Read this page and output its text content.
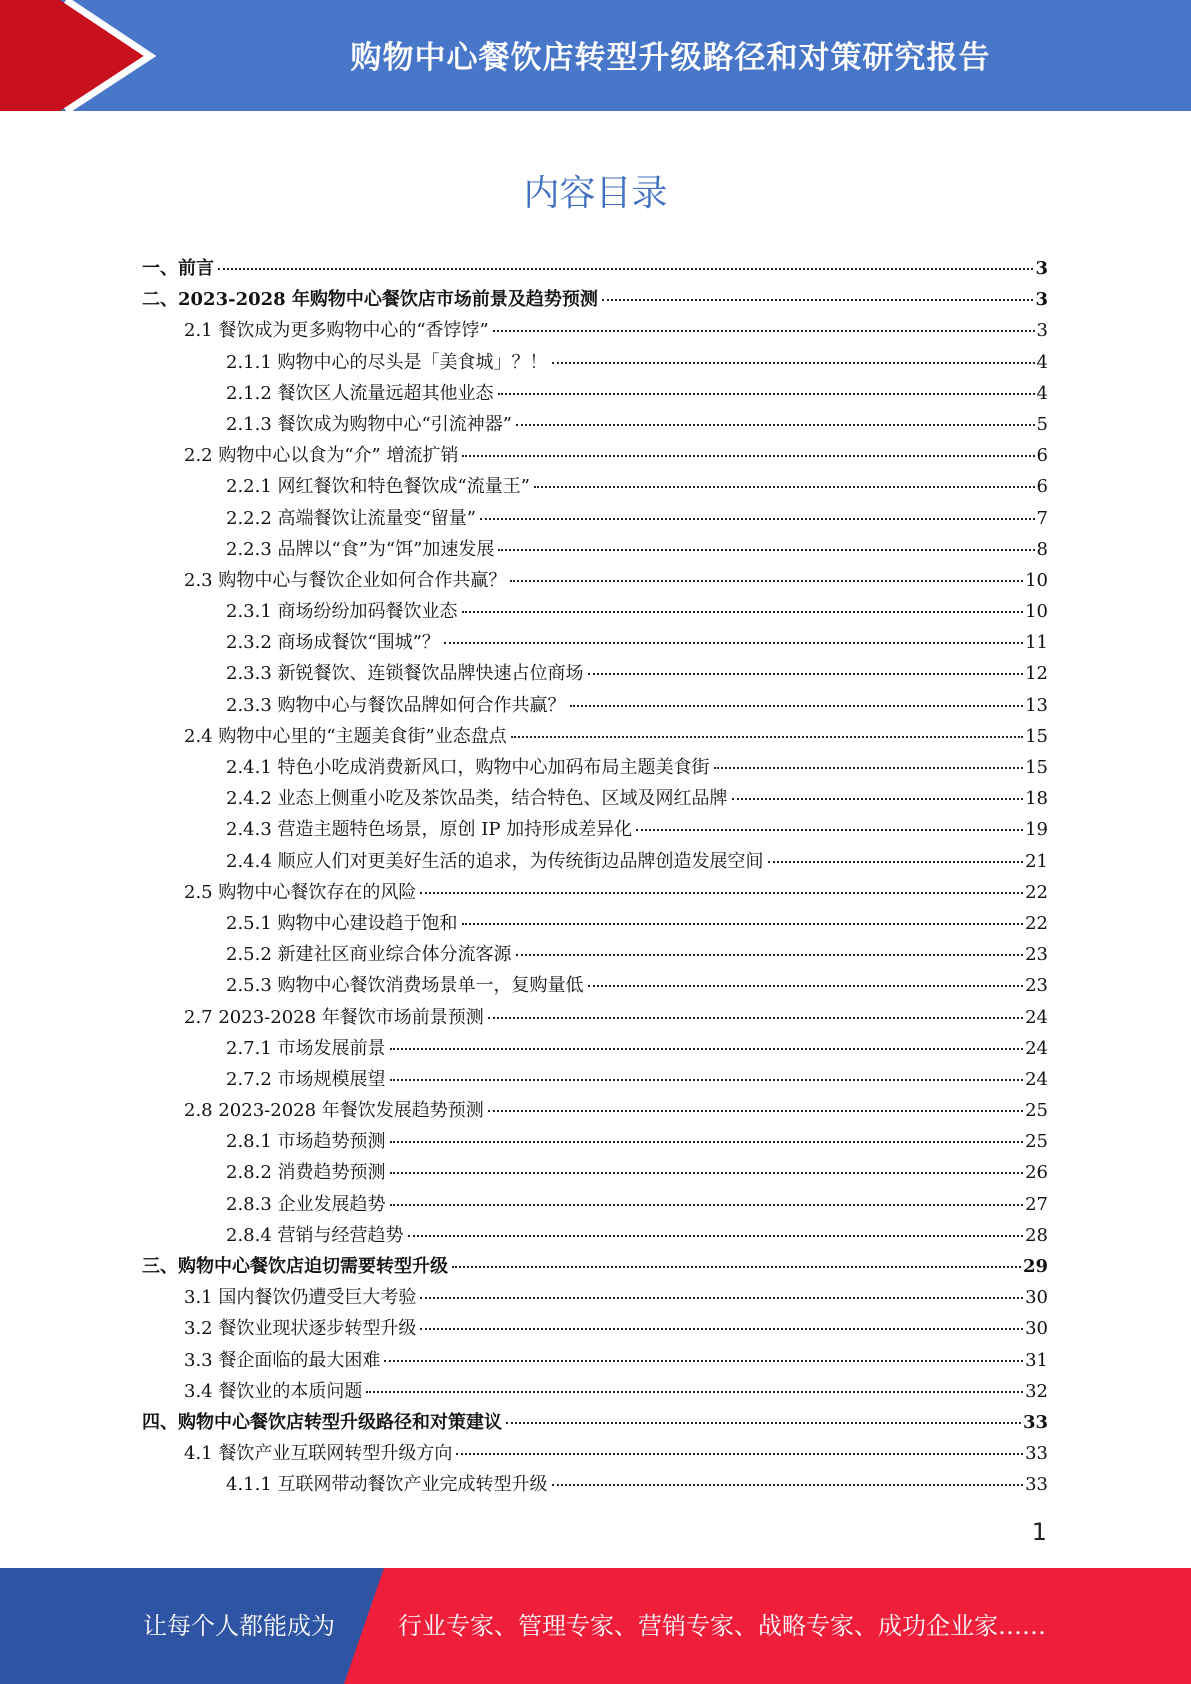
购物中心餐饮店转型升级路径和对策研究报告
内容目录
一、前言	3
二、2023-2028 年购物中心餐饮店市场前景及趋势预测	3
2.1 餐饮成为更多购物中心的“香饽饽”	3
2.1.1 购物中心的尽头是「美食城」？！	4
2.1.2 餐饮区人流量远超其他业态	4
2.1.3 餐饮成为购物中心“引流神器”	5
2.2 购物中心以食为“介” 增流扩销	6
2.2.1 网红餐饮和特色餐饮成“流量王”	6
2.2.2 高端餐饮让流量变“留量”	7
2.2.3 品牌以“食”为“饵”加速发展	8
2.3 购物中心与餐饮企业如何合作共赢？	10
2.3.1 商场纷纷加码餐饮业态	10
2.3.2 商场成餐饮“围城”？	11
2.3.3 新锐餐饮、连锁餐饮品牌快速占位商场	12
2.3.3 购物中心与餐饮品牌如何合作共赢？	13
2.4 购物中心里的“主题美食街”业态盘点	15
2.4.1 特色小吃成消费新风口，购物中心加码布局主题美食街	15
2.4.2 业态上侧重小吃及茶饮品类，结合特色、区域及网红品牌	18
2.4.3 营造主题特色场景，原创 IP 加持形成差异化	19
2.4.4 顺应人们对更美好生活的追求，为传统街边品牌创造发展空间	21
2.5 购物中心餐饮存在的风险	22
2.5.1 购物中心建设趋于饱和	22
2.5.2 新建社区商业综合体分流客源	23
2.5.3 购物中心餐饮消费场景单一，复购量低	23
2.7 2023-2028 年餐饮市场前景预测	24
2.7.1 市场发展前景	24
2.7.2 市场规模展望	24
2.8 2023-2028 年餐饮发展趋势预测	25
2.8.1 市场趋势预测	25
2.8.2 消费趋势预测	26
2.8.3 企业发展趋势	27
2.8.4 营销与经营趋势	28
三、购物中心餐饮店迫切需要转型升级	29
3.1 国内餐饮仍遭受巨大考验	30
3.2 餐饮业现状逐步转型升级	30
3.3 餐企面临的最大困难	31
3.4 餐饮业的本质问题	32
四、购物中心餐饮店转型升级路径和对策建议	33
4.1 餐饮产业互联网转型升级方向	33
4.1.1 互联网带动餐饮产业完成转型升级	33
1
让每个人都能成为	行业专家、管理专家、营销专家、战略专家、成功企业家……
